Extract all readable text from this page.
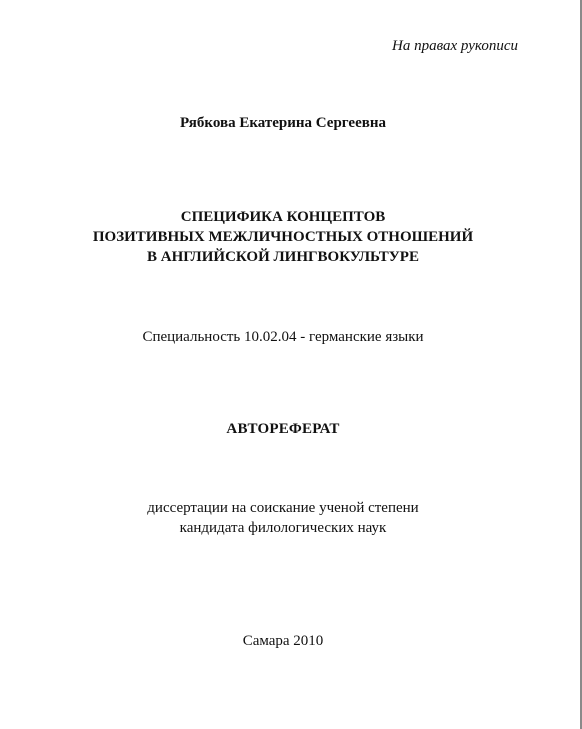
На правах рукописи
Рябкова Екатерина Сергеевна
СПЕЦИФИКА КОНЦЕПТОВ
ПОЗИТИВНЫХ МЕЖЛИЧНОСТНЫХ ОТНОШЕНИЙ
В АНГЛИЙСКОЙ ЛИНГВОКУЛЬТУРЕ
Специальность 10.02.04 - германские языки
АВТОРЕФЕРАТ
диссертации на соискание ученой степени
кандидата филологических наук
Самара 2010
